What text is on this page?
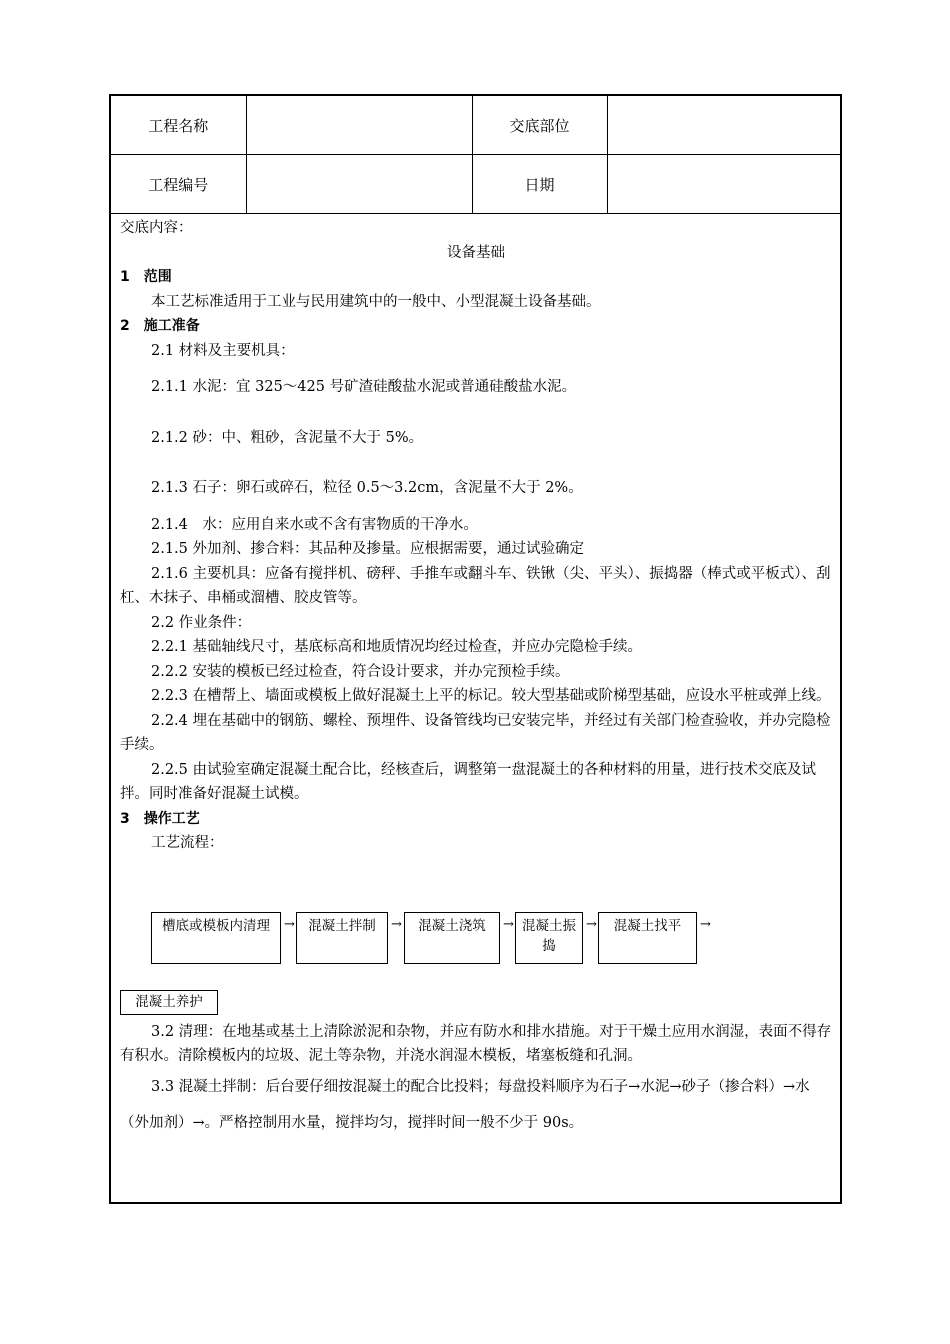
工程名称		交底部位	
工程编号		日期	

交底内容：

设备基础

1　范围

本工艺标准适用于工业与民用建筑中的一般中、小型混凝土设备基础。

2　施工准备

2.1 材料及主要机具：

2.1.1 水泥：宜 325～425 号矿渣硅酸盐水泥或普通硅酸盐水泥。

2.1.2 砂：中、粗砂，含泥量不大于 5%。

2.1.3 石子：卵石或碎石，粒径 0.5～3.2cm，含泥量不大于 2%。

2.1.4　水：应用自来水或不含有害物质的干净水。

2.1.5 外加剂、掺合料：其品种及掺量。应根据需要，通过试验确定

2.1.6 主要机具：应备有搅拌机、磅秤、手推车或翻斗车、铁锹（尖、平头）、振捣器（棒式或平板式）、刮杠、木抹子、串桶或溜槽、胶皮管等。

2.2 作业条件：

2.2.1 基础轴线尺寸，基底标高和地质情况均经过检查，并应办完隐检手续。

2.2.2 安装的模板已经过检查，符合设计要求，并办完预检手续。

2.2.3 在槽帮上、墙面或模板上做好混凝土上平的标记。较大型基础或阶梯型基础，应设水平桩或弹上线。

2.2.4 埋在基础中的钢筋、螺栓、预埋件、设备管线均已安装完毕，并经过有关部门检查验收，并办完隐检手续。

2.2.5 由试验室确定混凝土配合比，经核查后，调整第一盘混凝土的各种材料的用量，进行技术交底及试拌。同时准备好混凝土试模。

3　操作工艺

工艺流程：

槽底或模板内清理	→ 混凝土拌制	→	混凝土浇筑	→ 混凝土振捣
→	混凝土找平	→
混凝土养护

3.2 清理：在地基或基土上清除淤泥和杂物，并应有防水和排水措施。对于干燥土应用水润湿，表面不得存有积水。清除模板内的垃圾、泥土等杂物，并浇水润湿木模板，堵塞板缝和孔洞。

3.3 混凝土拌制：后台要仔细按混凝土的配合比投料；每盘投料顺序为石子→水泥→砂子（掺合料）→水（外加剂）→。严格控制用水量，搅拌均匀，搅拌时间一般不少于 90s。
